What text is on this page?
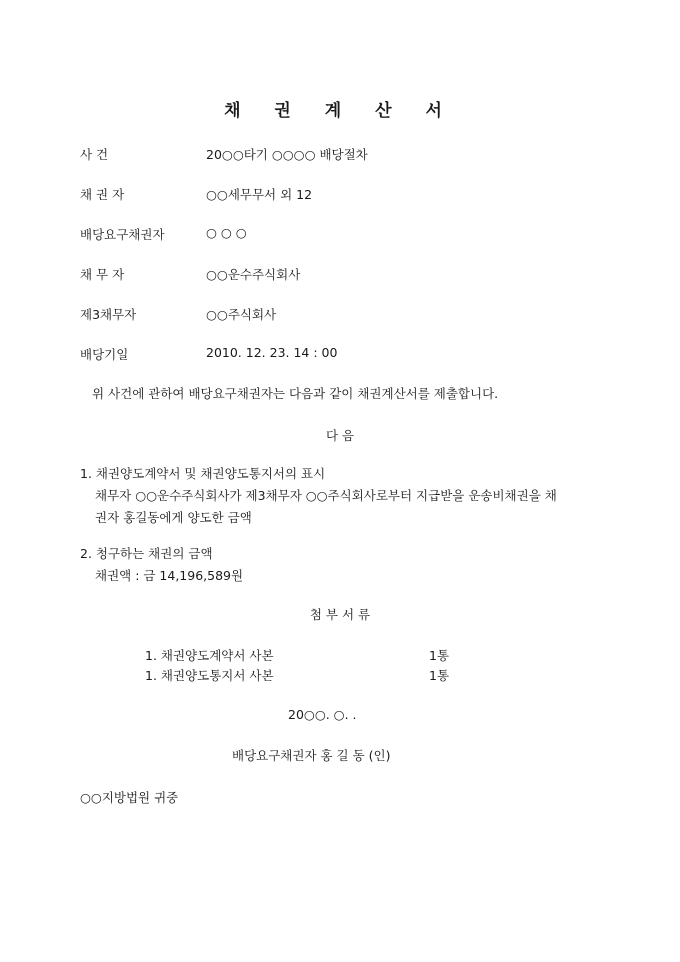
채 권 계 산 서
사 건	20○○타기 ○○○○ 배당절차
채 권 자	○○세무무서 외 12
배당요구채권자	○ ○ ○
채 무 자	○○운수주식회사
제3채무자	○○주식회사
배당기일	2010. 12. 23. 14 : 00
위 사건에 관하여 배당요구채권자는 다음과 같이 채권계산서를 제출합니다.
다 음
1. 채권양도계약서 및 채권양도통지서의 표시
채무자 ○○운수주식회사가 제3채무자 ○○주식회사로부터 지급받을 운송비채권을 채
권자 홍길동에게 양도한 금액
2. 청구하는 채권의 금액
채권액 : 금 14,196,589원
첨 부 서 류
1. 채권양도계약서 사본	1통
1. 채권양도통지서 사본	1통
20○○. ○. .
배당요구채권자 홍 길 동 (인)
○○지방법원 귀중
